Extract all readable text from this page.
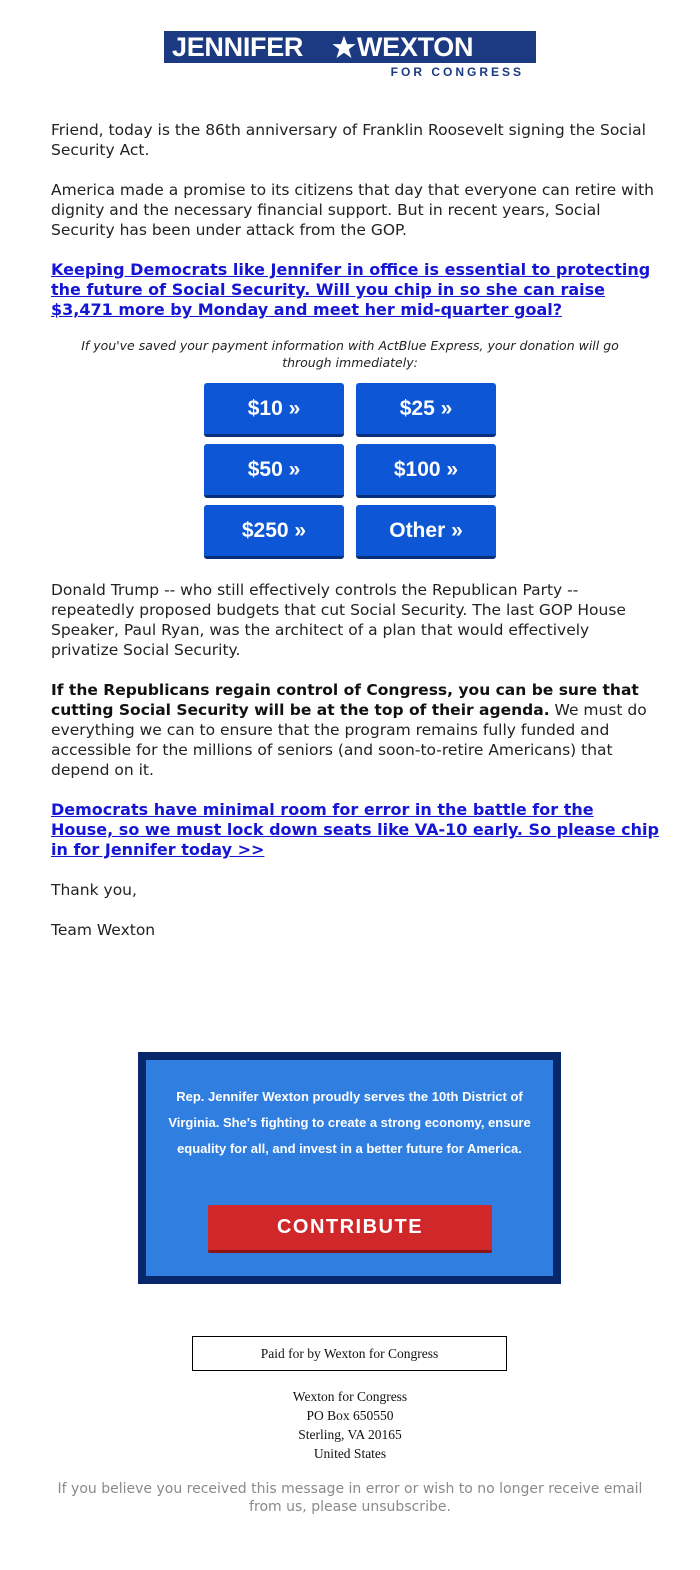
JENNIFER WEXTON
FOR CONGRESS

Friend, today is the 86th anniversary of Franklin Roosevelt signing the Social Security Act.

America made a promise to its citizens that day that everyone can retire with dignity and the necessary financial support. But in recent years, Social Security has been under attack from the GOP.

Keeping Democrats like Jennifer in office is essential to protecting the future of Social Security. Will you chip in so she can raise $3,471 more by Monday and meet her mid-quarter goal?

If you've saved your payment information with ActBlue Express, your donation will go through immediately:
$10 »	$25 »
$50 »	$100 »
$250 »	Other »

Donald Trump -- who still effectively controls the Republican Party -- repeatedly proposed budgets that cut Social Security. The last GOP House Speaker, Paul Ryan, was the architect of a plan that would effectively privatize Social Security.

If the Republicans regain control of Congress, you can be sure that cutting Social Security will be at the top of their agenda. We must do everything we can to ensure that the program remains fully funded and accessible for the millions of seniors (and soon-to-retire Americans) that depend on it.

Democrats have minimal room for error in the battle for the House, so we must lock down seats like VA-10 early. So please chip in for Jennifer today >>

Thank you,

Team Wexton

Rep. Jennifer Wexton proudly serves the 10th District of Virginia. She's fighting to create a strong economy, ensure equality for all, and invest in a better future for America.
CONTRIBUTE
Paid for by Wexton for Congress
Wexton for Congress
PO Box 650550
Sterling, VA 20165
United States
If you believe you received this message in error or wish to no longer receive email from us, please unsubscribe.
